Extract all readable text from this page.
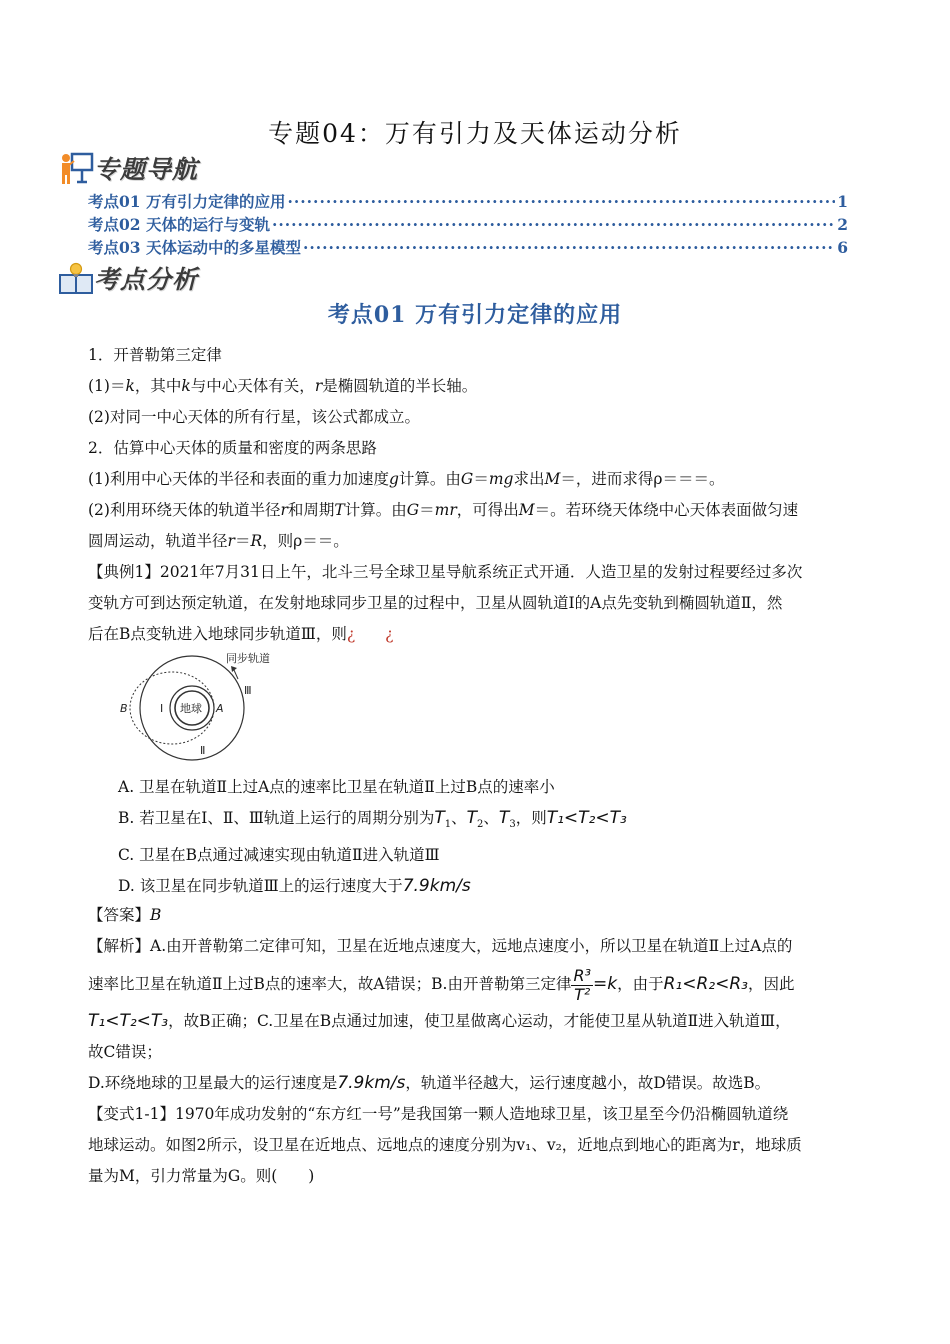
专题04：万有引力及天体运动分析
专题导航
考点01 万有引力定律的应用 ·····	1
考点02 天体的运行与变轨 ·····	2
考点03 天体运动中的多星模型 ·····	6
考点分析
考点01 万有引力定律的应用

1．开普勒第三定律

(1)＝k，其中k与中心天体有关，r是椭圆轨道的半长轴。

(2)对同一中心天体的所有行星，该公式都成立。

2．估算中心天体的质量和密度的两条思路

(1)利用中心天体的半径和表面的重力加速度g计算。由G＝mg求出M＝，进而求得ρ＝＝＝。

(2)利用环绕天体的轨道半径r和周期T计算。由G＝mr，可得出M＝。若环绕天体绕中心天体表面做匀速

圆周运动，轨道半径r＝R，则ρ＝＝。

【典例1】2021年7月31日上午，北斗三号全球卫星导航系统正式开通．人造卫星的发射过程要经过多次

变轨方可到达预定轨道，在发射地球同步卫星的过程中，卫星从圆轨道Ⅰ的A点先变轨到椭圆轨道Ⅱ，然

后在B点变轨进入地球同步轨道Ⅲ，则¿ ¿

地球
Ⅰ
Ⅱ
Ⅲ
A
B
同步轨道

A. 卫星在轨道Ⅱ上过A点的速率比卫星在轨道Ⅱ上过B点的速率小

B. 若卫星在Ⅰ、Ⅱ、Ⅲ轨道上运行的周期分别为$T_1$、$T_2$、$T_3$，则T₁<T₂<T₃

C. 卫星在B点通过减速实现由轨道Ⅱ进入轨道Ⅲ

D. 该卫星在同步轨道Ⅲ上的运行速度大于7.9km/s

【答案】B

【解析】A.由开普勒第二定律可知，卫星在近地点速度大，远地点速度小，所以卫星在轨道Ⅱ上过A点的

速率比卫星在轨道Ⅱ上过B点的速率大，故A错误；B.由开普勒第三定律 $\frac{\text{R³}}{\text{T²}} =k$，由于R₁<R₂<R₃，因此

T₁<T₂<T₃，故B正确；C.卫星在B点通过加速，使卫星做离心运动，才能使卫星从轨道Ⅱ进入轨道Ⅲ，

故C错误；

D.环绕地球的卫星最大的运行速度是7.9km/s，轨道半径越大，运行速度越小，故D错误。故选B。

【变式1-1】1970年成功发射的“东方红一号”是我国第一颗人造地球卫星，该卫星至今仍沿椭圆轨道绕

地球运动。如图2所示，设卫星在近地点、远地点的速度分别为v₁、v₂，近地点到地心的距离为r，地球质

量为M，引力常量为G。则(　　)
